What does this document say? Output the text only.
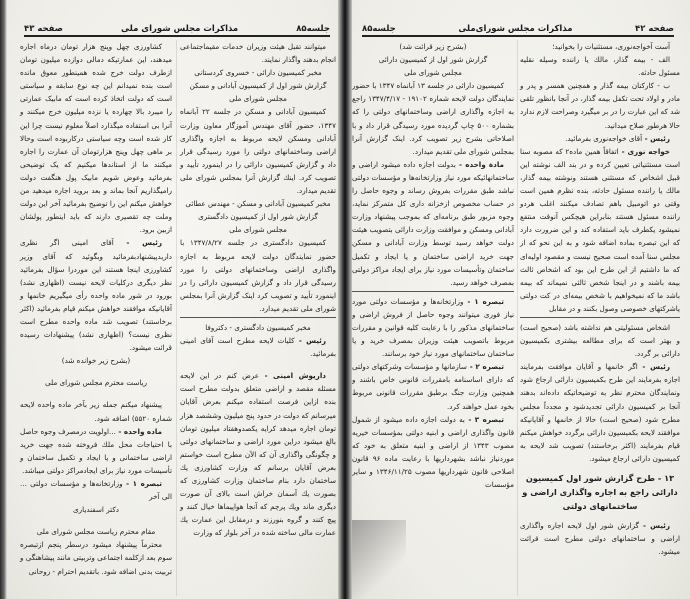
جلسه۸۵
مذاکرات مجلس شورای ملی
صفحه ۴۳

میتوانند تقبل هیئت وزیران خدمات مقیماجتماعی انجام بدهند واگذار نمایند.

مخبر کمیسیون دارائی - خسروی کردستانی

گزارش شور اول از کمیسیون آبادانی و مسکن

مجلس شورای ملی

کمیسیون آبادانی و مسکن در جلسه ۲۲ آبانماه ۱۳۴۷، حضور آقای مهندس آموزگار معاون وزارت آبادانی ومسکن لایحه مربوط به اجازه واگذاری اراضی وساختمانهای دولتی را مورد رسیدگی قرار داد و گزارش کمیسیون دارائی را در اینمورد تأیید و تصویب کرد. اینك گزارش آنرا بمجلس شورای ملی تقدیم میدارد.

مخبر کمیسیون آبادانی و مسکن - مهندس عطائی

گزارش شور اول از کمیسیون دادگستری

مجلس شورای ملی

کمیسیون دادگستری در جلسه ۱۳۴۷/۸/۲۷ با حضور نمایندگان دولت لایحه مربوط به اجازه واگذاری اراضی وساختمانهای دولتی را مورد رسیدگی قرار داد و گزارش کمیسیون دارائی را در اینمورد تأیید و تصویب کرد اینک گزارش آنرا بمجلس شورای ملی تقدیم میدارد.

مخبر کمیسیون دادگستری - دکتروفا

رئیس - کلیات لایحه مطرح است آقای امینی بفرمائید.

داریوش امینی - عرض کنم در این لایحه مسئله مقصد و اراضی متعلق بدولت مطرح است بنده ازاین فرصت استفاده میکنم بعرض آقایان میرسانم که دولت در حدود پنج میلیون وششصد هزار تومان اجاره میدهد کرایه یکصدوهفتاد میلیون تومان بالغ میشود دراین مورد اراضی و ساختمانهای دولتی و چگونگی واگذاری آن که الآن مطرح است خواستم بعرض آقایان برسانم که وزارت کشاورزی یك ساختمان دارد بنام ساختمان وزارت کشاورزی که بصورت یك آسمان خراش است بالای آن صورت دیگری ماند ویك پرچم که آنجا هواپیماها خیال کنند و پیچ کنند و گروه بنورزند و درمقابل این عمارت یك عمارت مالی ساخته شده در آخر بلوار که وزارت

کشاورزی چهل وپنج هزار تومان درماه اجاره میدهند، این عمارتیکه دمالی دوازده میلیون تومان ازطرف دولت خرج شده همینطور معوق مانده است بنده نمیدانم این چه نوع سابقه و سیاستی است که دولت اتخاذ کرده است که مابیک عمارتی را میبرد بالا چهارده یا نزده میلیون خرج میکنند و آنرا بی استفاده میگذارد اصلاً معلوم نیست چرا این کار شده است وچه سیاستی درکاربوده است وحالا بر ماهی چهل وپنج هزارتومان آن عمارت را اجاره میکنند ما از استاندها میکنیم که یک توضیحی بفرمائید وعوض شویم مابیک پول هنگفت دولت رامیگذاریم آنجا بماند و بعد بروید اجاره میدهید من خواهش میکنم این را توضیح بفرمائید آخر این دولت وملت چه تقصیری دارند که باید اینطور پولشان ازبین برود.

رئیس - آقای امینی اگر نظری داریدپیشنهادبفرمائید وبگوئید که آقای وزیر کشاورزی اینجا هستند این موردرا سؤال بفرمائید نظر دیگری درکلیات لایحه نیست (اظهاری نشد) بورود در شور ماده واحده رأی میگیریم خانمها و آقایانیکه موافقند خواهش میکنم قیام بفرمائید (اکثر برخاستند) تصویب شد ماده واحده مطرح است نظری نیست؟ (اظهاری نشد) پیشنهادات رسیده قرائت میشود.

(بشرح زیر خوانده شد)

ریاست محترم مجلس شورای ملی

پیشنهاد میکنم جمله زیر بآخر ماده واحده لایحه شماره ۵۵۲۰) اضافه شود.

ماده واحده - ...اولویت درمصرف وجوه حاصل با احتیاجات محل ملك فروخته شده جهت خرید اراضی ساختمانی و یا ایجاد و تکمیل ساختمان و تأسیسات مورد نیاز برای ایجادمراکز دولتی میباشد.

تبصره ۱ - وزارتخانه‌ها و مؤسسات دولتی ... الی آخر

دکتر اسفندیاری

مقام محترم ریاست مجلس شورای ملی

محترماً پیشنهاد میشود درسطر پنجم ازتبصره سوم بعد ازکلمه اجتماعی وتربیتی مانند پیشاهنگی و تربیت بدنی اضافه شود. باتقدیم احترام - روحانی

صفحه ۴۲
مذاکرات مجلس شورای‌ملی
جلسه۸۵

آست آخواجه‌نوری، مستثنیات را بخوانید؛

الف - بیمه گذار، مالك یا راننده وسیله نقلیه مسئول حادثه.

ب - کارکنان بیمه گذار و همچنین همسر و پدر و مادر و اولاد تحت تکفل بیمه گذار، در آنجا بانظور تلقی شد که این عبارت را در بر میگیرد وصراحت لازم ندارد حالا هرطور صلاح میدانید.

رئیس - آقای خواجه‌نوری بفرمائید.

خواجه نوری - اتفاقاً همین ماده۲ که مصوبه سنا است مستثنیاتی تعیین کرده و در بند الف نوشته این قبیل اشخاص که مستثنی هستند ونوشته بیمه گذار، مالك یا راننده مسئول حادثه، بنده نظرم همین است وقتی دو اتومبیل باهم تصادف میکنند اغلب هردو راننده مسئول هستند بنابراین هیچکس آنوقت منتفع نمیشود یکطرف باید استفاده کند و این ضرورت دارد که این تبصره بماده اضافه شود و به این نحو که از مجلس سنا آمده است صحیح نیست و مقصود اولیه‌ای که ما داشتیم از این طرح این بود که اشخاص ثالث بیمه باشند و در اینجا شخص ثالثی نمیماند که بیمه باشد ما که نمیخواهیم با شخص بیمه‌ای در کت دولتی یاشرکتهای خصوصی وصول بکنند و در مقابل

اشخاص مسئولیتی هم نداشته باشد (صحیح است) و بهتر است که برای مطالعه بیشتری بکمیسیون دارائی بر گردد.

رئیس - اگر خانمها و آقایان موافقت بفرمایند اجازه بفرمایند این طرح بکمیسیون دارائی ارجاع شود ونمایندگان محترم نظر به توضیحاتیکه داده‌اند بدهند آنجا بر کمیسیون دارائی تجدید‌شود و مجدداً مجلس مطرح شود (صحیح است) حالا از خانمها و آقایانیکه موافقند لایحه بکمیسیون دارائی برگردد خواهش میکنم قیام بفرمایند (اکثر برخاستند) تصویب شد لایحه به کمیسیون دارائی ارجاع میشود.

۱۳ - طرح گزارش شور اول کمیسیون دارائی راجع به اجاره واگذاری اراضی و ساختمانهای دولتی

رئیس - گزارش شور اول لایحه اجاره واگذاری اراضی و ساختمانهای دولتی مطرح است قرائت میشود.

(بشرح زیر قرائت شد)

گزارش شور اول از کمیسیون دارائی

مجلس شورای ملی

کمیسیون دارائی در جلسه ۱۳ آبانماه ۱۳۴۷ با حضور نمایندگان دولت لایحه شماره ۱۹۱۰۲ - ۱۳۴۷/۴/۱۷ راجع به اجازه واگذاری اراضی وساختمانهای دولتی را که بشماره ۵۰۰ چاپ گردیده مورد رسیدگی قرار داد و با اصلاحاتی بشرح زیر تصویب کرد. اینک گزارش آنرا بمجلس شورای ملی تقدیم میدارد.

مادة واحده - بدولت اجازه داده میشود اراضی و ساختمانهائیکه مورد نیاز وزارتخانه‌ها و مؤسسات دولتی نباشد طبق مقررات بفروش رساند و وجوه حاصل را در حساب مخصوص ازخزانه داری کل متمرکز نماید، وجوه مزبور طبق برنامه‌ای که بموجب پیشنهاد وزارت آبادانی ومسکن و موافقت وزارت دارائی بتصویب هیئت دولت خواهد رسید توسط وزارت آبادانی و مسکن جهت خرید اراضی ساختمان و یا ایجاد و تکمیل ساختمان وتأسیسات مورد نیاز برای ایجاد مراکز دولتی بمصرف خواهد رسید.

تبصره ۱ - وزارتخانه‌ها و مؤسسات دولتی مورد نیاز فوری میتوانند وجوه حاصل از فروش اراضی و ساختمانهای مذکور را با رعایت کلیه قوانین و مقررات مربوط باتصویب هیئت وزیران بمصرف خرید و یا ساختمان ساختمانهای مورد نیاز خود برسانند.

تبصره ۲ - سازمانها و مؤسسات وشرکتهای دولتی که دارای اساسنامه بامقررات قانونی خاص باشند و همچنین وزارت جنگ برطبق مقررات قانونی مربوط بخود عمل خواهند کرد.

تبصره ۳ - به دولت اجازه داده میشود از شمول قانون واگذاری اراضی و ابنیه دولتی بمؤسسات خیریه مصوب ۱۳۴۳ از اراضی و ابنیه متعلق به خود که موردنیاز نباشد بشهرداریها با رعایت ماده ۹۶ قانون اصلاحی قانون شهرداریها مصوب ۱۳۴۶/۱۱/۲۵ و سایر مؤسسات
